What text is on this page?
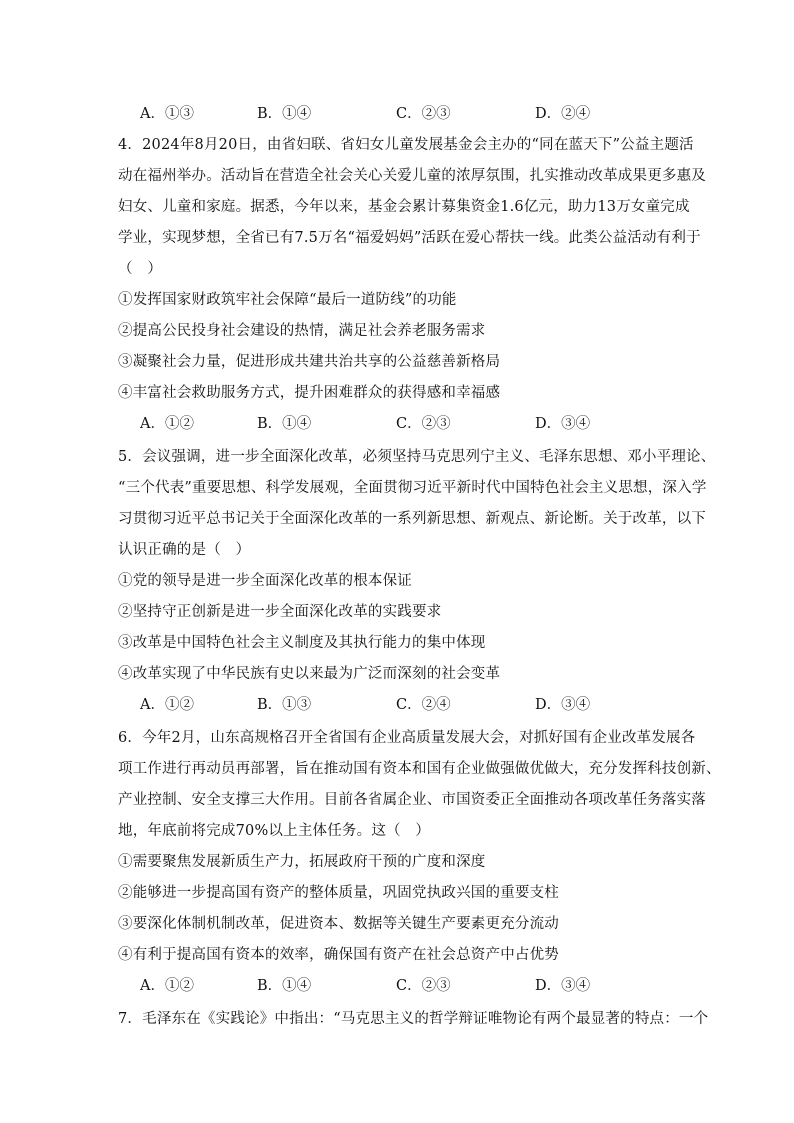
A．①③	B．①④	C．②③	D．②④
4．2024年8月20日，由省妇联、省妇女儿童发展基金会主办的“同在蓝天下”公益主题活
动在福州举办。活动旨在营造全社会关心关爱儿童的浓厚氛围，扎实推动改革成果更多惠及
妇女、儿童和家庭。据悉，今年以来，基金会累计募集资金1.6亿元，助力13万女童完成
学业，实现梦想，全省已有7.5万名“福爱妈妈”活跃在爱心帮扶一线。此类公益活动有利于
（　）
①发挥国家财政筑牢社会保障“最后一道防线”的功能
②提高公民投身社会建设的热情，满足社会养老服务需求
③凝聚社会力量，促进形成共建共治共享的公益慈善新格局
④丰富社会救助服务方式，提升困难群众的获得感和幸福感
A．①②	B．①④	C．②③	D．③④
5．会议强调，进一步全面深化改革，必须坚持马克思列宁主义、毛泽东思想、邓小平理论、
“三个代表”重要思想、科学发展观，全面贯彻习近平新时代中国特色社会主义思想，深入学
习贯彻习近平总书记关于全面深化改革的一系列新思想、新观点、新论断。关于改革，以下
认识正确的是（　）
①党的领导是进一步全面深化改革的根本保证
②坚持守正创新是进一步全面深化改革的实践要求
③改革是中国特色社会主义制度及其执行能力的集中体现
④改革实现了中华民族有史以来最为广泛而深刻的社会变革
A．①②	B．①③	C．②④	D．③④
6．今年2月，山东高规格召开全省国有企业高质量发展大会，对抓好国有企业改革发展各
项工作进行再动员再部署，旨在推动国有资本和国有企业做强做优做大，充分发挥科技创新、
产业控制、安全支撑三大作用。目前各省属企业、市国资委正全面推动各项改革任务落实落
地，年底前将完成70%以上主体任务。这（　）
①需要聚焦发展新质生产力，拓展政府干预的广度和深度
②能够进一步提高国有资产的整体质量，巩固党执政兴国的重要支柱
③要深化体制机制改革，促进资本、数据等关键生产要素更充分流动
④有利于提高国有资本的效率，确保国有资产在社会总资产中占优势
A．①②	B．①④	C．②③	D．③④
7．毛泽东在《实践论》中指出：“马克思主义的哲学辩证唯物论有两个最显著的特点：一个
